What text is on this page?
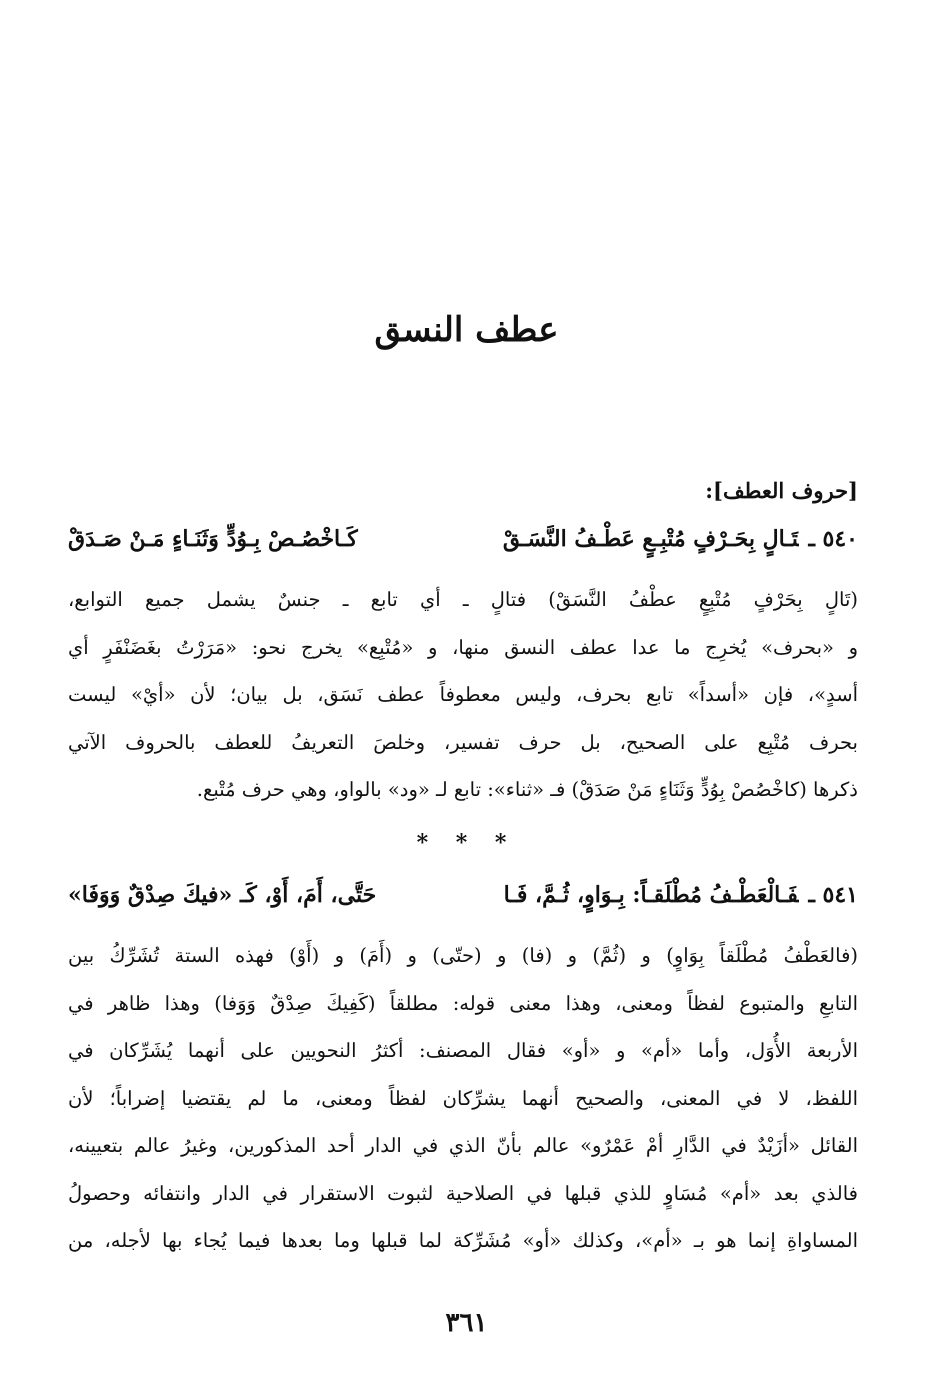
عطف النسق
[حروف العطف]:
٥٤٠ ـتَـالٍ بِحَـرْفٍ مُتْبِـعٍ عَطْـفُ النَّسَـقْ
كَـاخْصُـصْ بِـوُدٍّ وَثَنَـاءٍ مَـنْ صَـدَقْ
(تَالٍ بِحَرْفٍ مُتْبِعٍ عطْفُ النَّسَقْ) فتالٍ ـ أي تابع ـ جنسٌ يشمل جميع التوابع،
و «بحرف» يُخرِج ما عدا عطف النسق منها، و «مُتْبِع» يخرج نحو: «مَرَرْتُ بغَضَنْفَرٍ أي
أسدٍ»، فإن «أسداً» تابع بحرف، وليس معطوفاً عطف نَسَق، بل بيان؛ لأن «أيْ» ليست
بحرف مُتْبِع على الصحيح، بل حرف تفسير، وخلصَ التعريفُ للعطف بالحروف الآتي
ذكرها (كاخْصُصْ بِوُدٍّ وَثَنَاءٍ مَنْ صَدَقْ) فـ «ثناء»: تابع لـ «ود» بالواو، وهي حرف مُتْبع.
* * *
٥٤١ ـفَـالْعَطْـفُ مُطْلَقـاً: بِـوَاوٍ، ثُـمَّ، فَـا
حَتَّى، أَمَ، أَوْ، كَـ «فيكَ صِدْقٌ وَوَفَا»
(فالعَطْفُ مُطْلَقاً بِوَاوٍ) و (ثُمَّ) و (فا) و (حتّى) و (أَمَ) و (أَوْ) فهذه الستة تُشَرِّكُ بين
التابعِ والمتبوع لفظاً ومعنى، وهذا معنى قوله: مطلقاً (كَفِيكَ صِدْقٌ وَوَفا) وهذا ظاهر في
الأربعة الأُوَل، وأما «أم» و «أو» فقال المصنف: أكثرُ النحويين على أنهما يُشَرِّكان في
اللفظ، لا في المعنى، والصحيح أنهما يشرِّكان لفظاً ومعنى، ما لم يقتضيا إضراباً؛ لأن
القائل «أزَيْدٌ في الدَّارِ أمْ عَمْرٌو» عالم بأنّ الذي في الدار أحد المذكورين، وغيرُ عالم بتعيينه،
فالذي بعد «أم» مُسَاوٍ للذي قبلها في الصلاحية لثبوت الاستقرار في الدار وانتفائه وحصولُ
المساواةِ إنما هو بـ «أم»، وكذلك «أو» مُشَرِّكة لما قبلها وما بعدها فيما يُجاء بها لأجله، من
٣٦١
